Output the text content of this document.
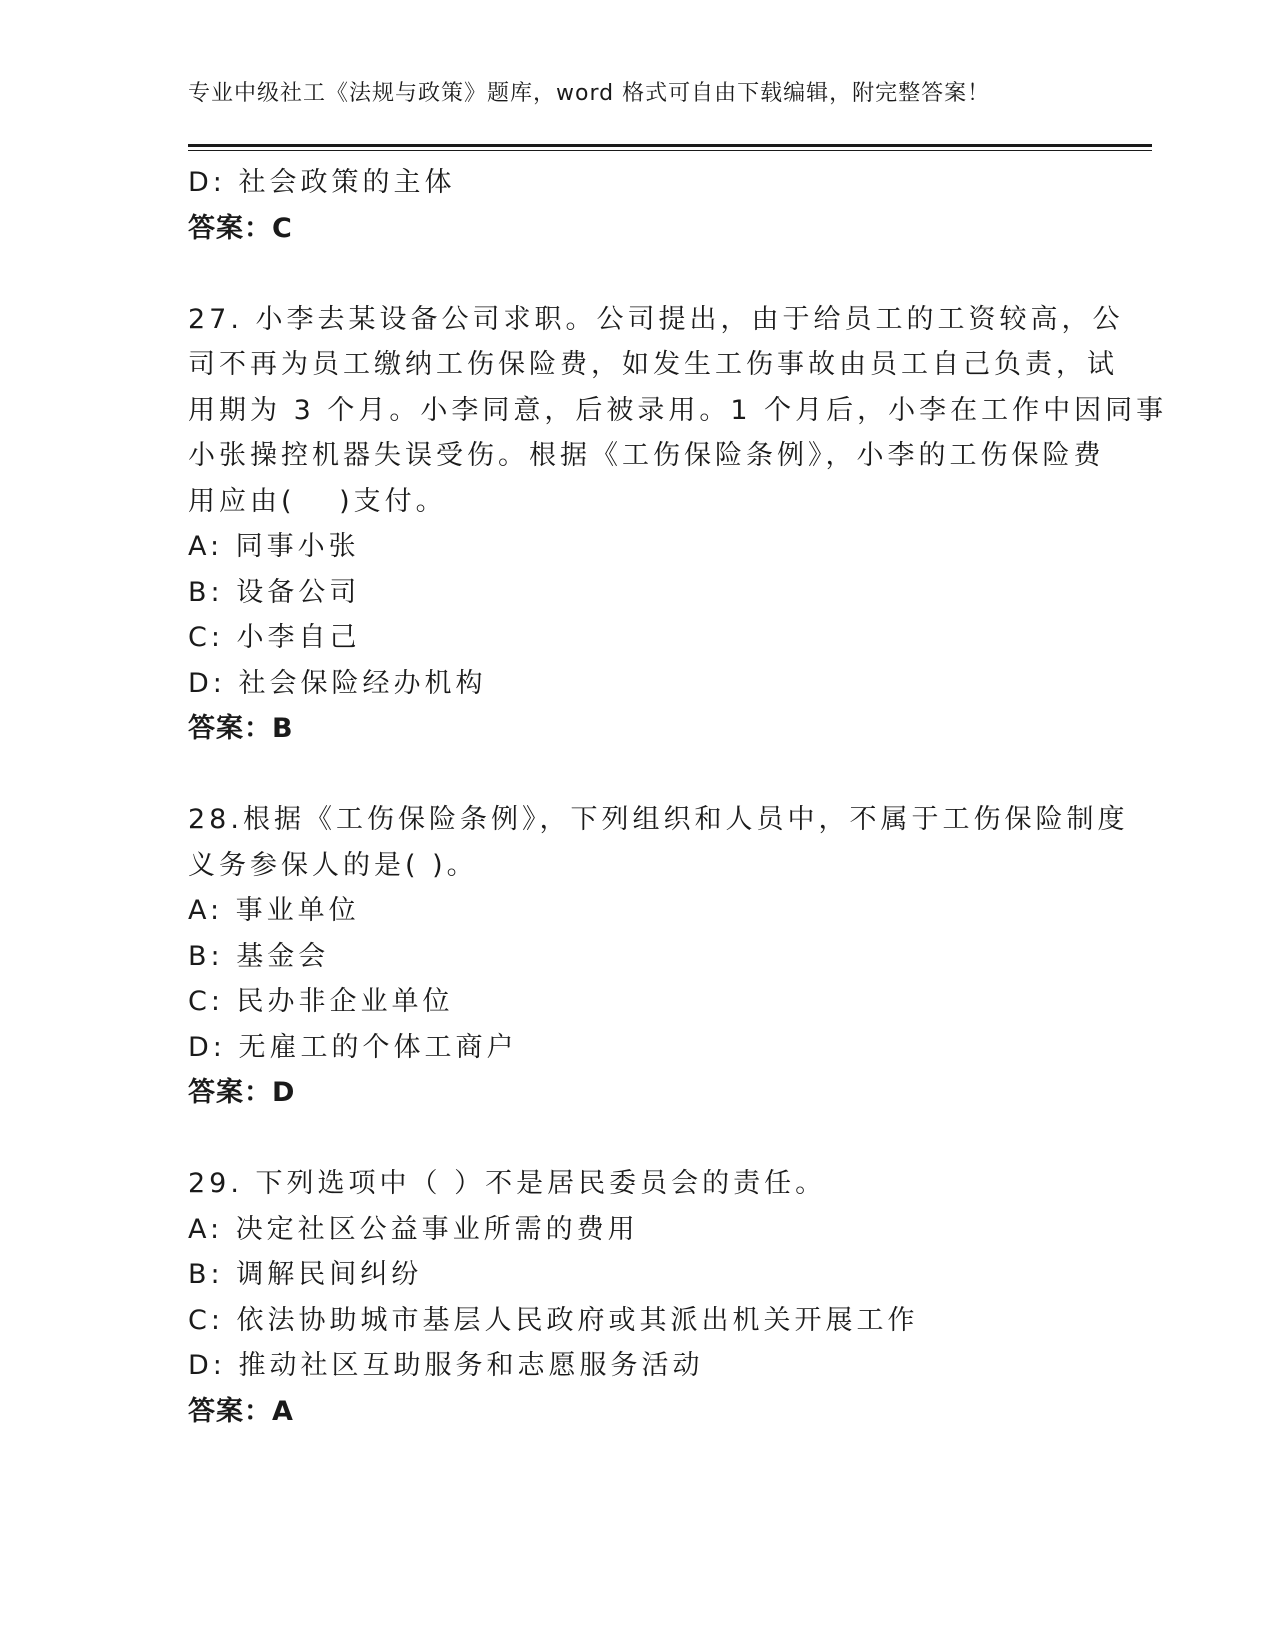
专业中级社工《法规与政策》题库，word 格式可自由下载编辑，附完整答案！
D: 社会政策的主体
答案：C
27. 小李去某设备公司求职。公司提出，由于给员工的工资较高，公
司不再为员工缴纳工伤保险费，如发生工伤事故由员工自己负责，试
用期为 3 个月。小李同意，后被录用。1 个月后，小李在工作中因同事
小张操控机器失误受伤。根据《工伤保险条例》，小李的工伤保险费
用应由(　 )支付。
A: 同事小张
B: 设备公司
C: 小李自己
D: 社会保险经办机构
答案：B
28.根据《工伤保险条例》，下列组织和人员中，不属于工伤保险制度
义务参保人的是( )。
A: 事业单位
B: 基金会
C: 民办非企业单位
D: 无雇工的个体工商户
答案：D
29. 下列选项中（ ）不是居民委员会的责任。
A: 决定社区公益事业所需的费用
B: 调解民间纠纷
C: 依法协助城市基层人民政府或其派出机关开展工作
D: 推动社区互助服务和志愿服务活动
答案：A
